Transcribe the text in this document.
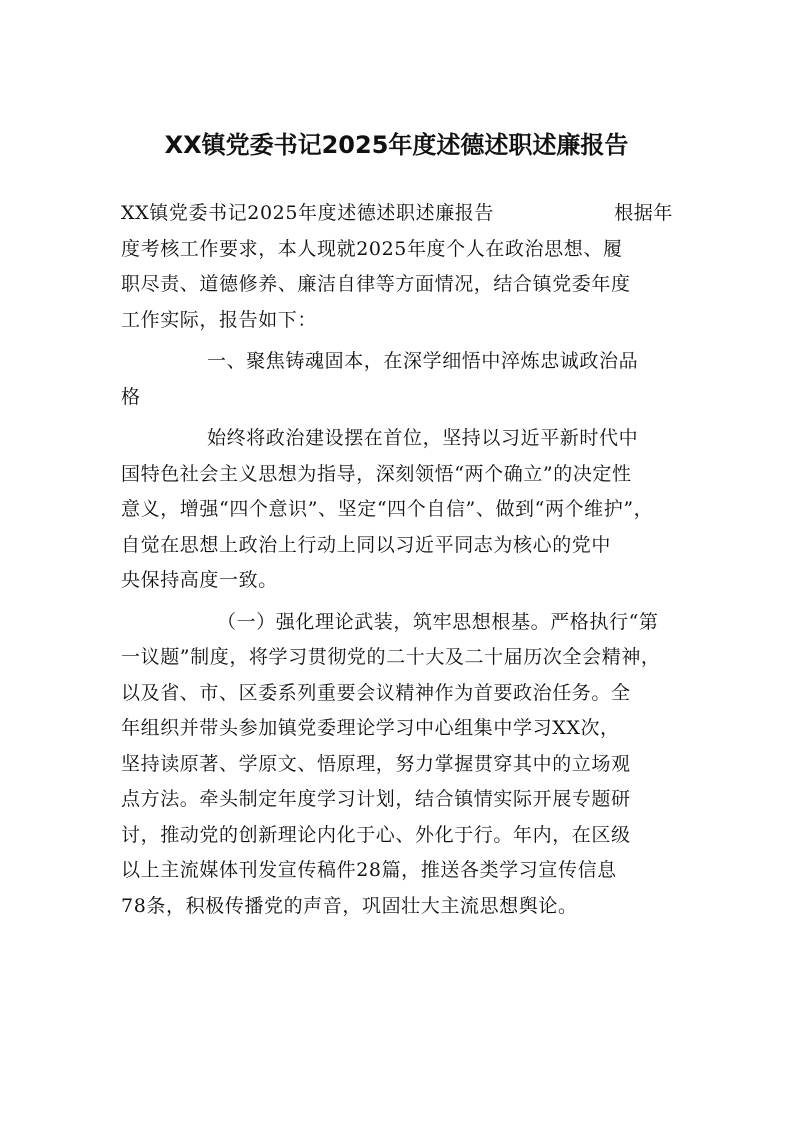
XX镇党委书记2025年度述德述职述廉报告
XX镇党委书记2025年度述德述职述廉报告	根据年
度考核工作要求，本人现就2025年度个人在政治思想、履
职尽责、道德修养、廉洁自律等方面情况，结合镇党委年度
工作实际，报告如下：
一、聚焦铸魂固本，在深学细悟中淬炼忠诚政治品
格
始终将政治建设摆在首位，坚持以习近平新时代中
国特色社会主义思想为指导，深刻领悟“两个确立”的决定性
意义，增强“四个意识”、坚定“四个自信”、做到“两个维护”，
自觉在思想上政治上行动上同以习近平同志为核心的党中
央保持高度一致。
（一）强化理论武装，筑牢思想根基。严格执行“第
一议题”制度，将学习贯彻党的二十大及二十届历次全会精神，
以及省、市、区委系列重要会议精神作为首要政治任务。全
年组织并带头参加镇党委理论学习中心组集中学习XX次，
坚持读原著、学原文、悟原理，努力掌握贯穿其中的立场观
点方法。牵头制定年度学习计划，结合镇情实际开展专题研
讨，推动党的创新理论内化于心、外化于行。年内，在区级
以上主流媒体刊发宣传稿件28篇，推送各类学习宣传信息
78条，积极传播党的声音，巩固壮大主流思想舆论。
